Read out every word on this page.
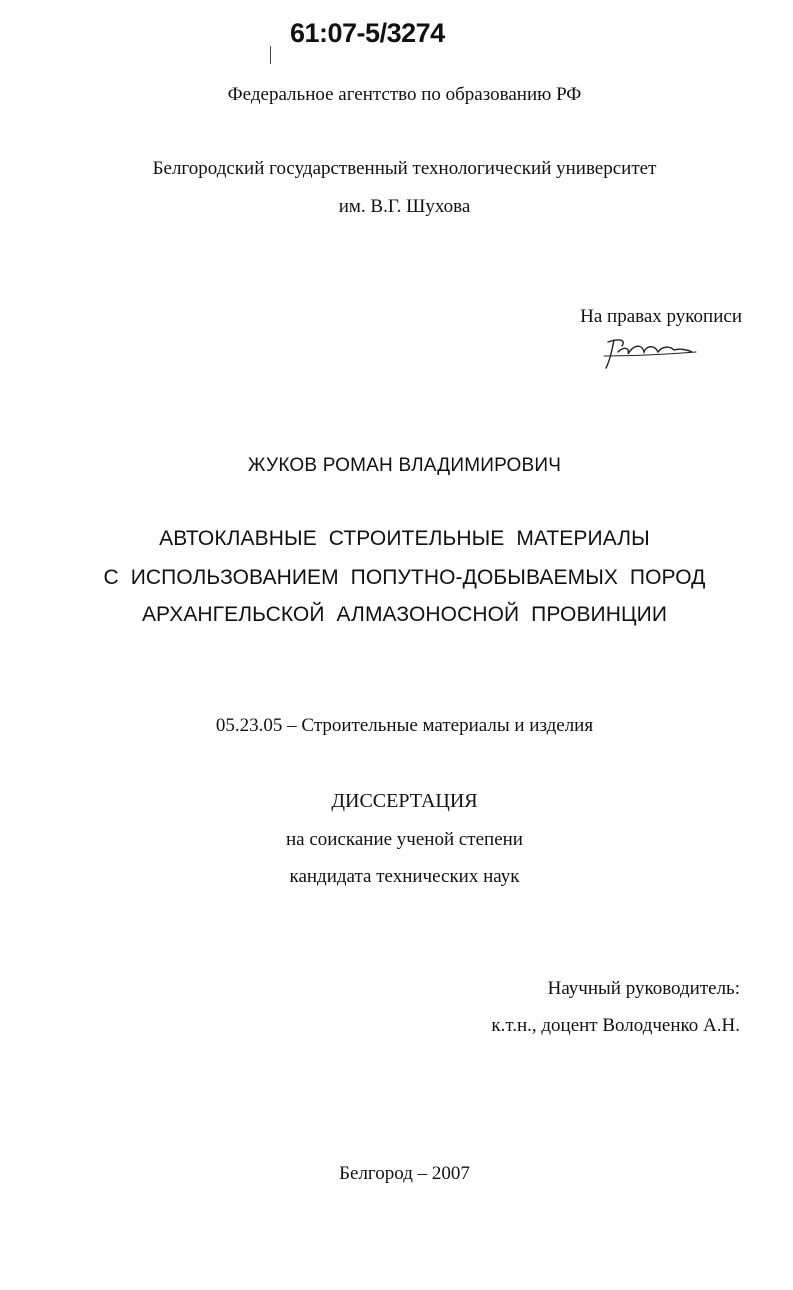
61:07-5/3274
Федеральное агентство по образованию РФ
Белгородский государственный технологический университет
им. В.Г. Шухова
На правах рукописи
ЖУКОВ РОМАН ВЛАДИМИРОВИЧ
АВТОКЛАВНЫЕ СТРОИТЕЛЬНЫЕ МАТЕРИАЛЫ
С ИСПОЛЬЗОВАНИЕМ ПОПУТНО-ДОБЫВАЕМЫХ ПОРОД
АРХАНГЕЛЬСКОЙ АЛМАЗОНОСНОЙ ПРОВИНЦИИ
05.23.05 – Строительные материалы и изделия
ДИССЕРТАЦИЯ
на соискание ученой степени
кандидата технических наук
Научный руководитель:
к.т.н., доцент Володченко А.Н.
Белгород – 2007
